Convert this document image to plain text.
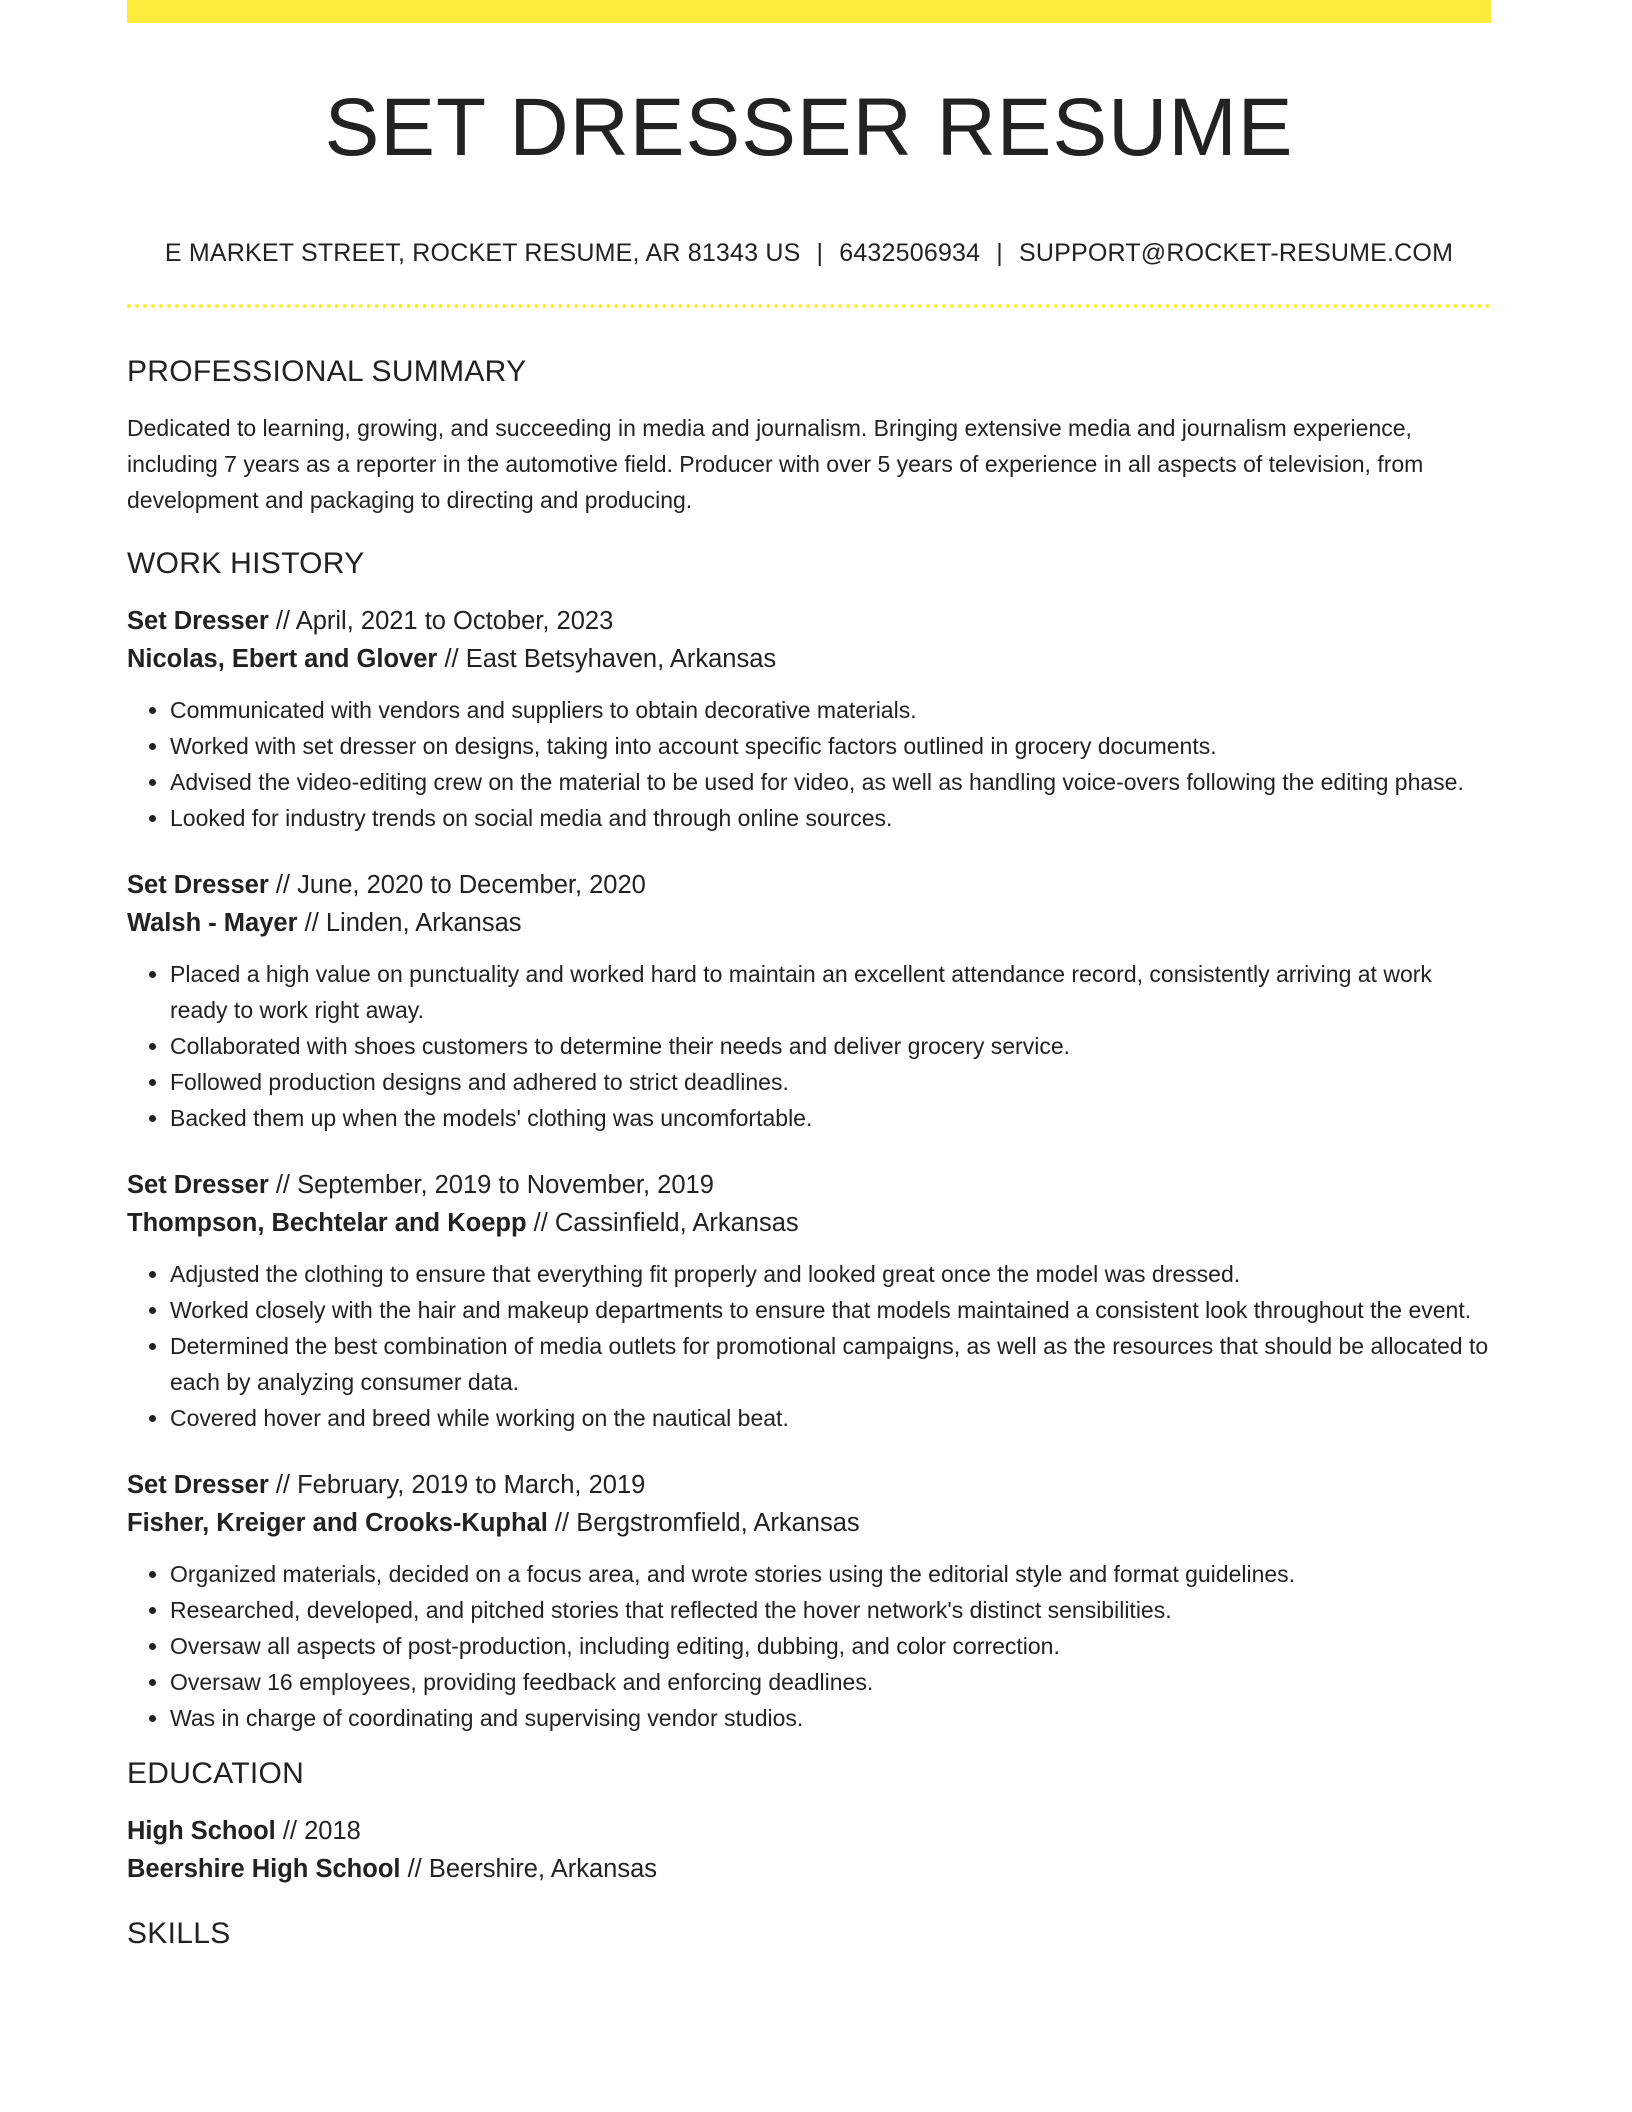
SET DRESSER RESUME
E MARKET STREET, ROCKET RESUME, AR 81343 US | 6432506934 | SUPPORT@ROCKET-RESUME.COM
PROFESSIONAL SUMMARY

Dedicated to learning, growing, and succeeding in media and journalism. Bringing extensive media and journalism experience, including 7 years as a reporter in the automotive field. Producer with over 5 years of experience in all aspects of television, from development and packaging to directing and producing.

WORK HISTORY
Set Dresser // April, 2021 to October, 2023
Nicolas, Ebert and Glover // East Betsyhaven, Arkansas
• Communicated with vendors and suppliers to obtain decorative materials.
• Worked with set dresser on designs, taking into account specific factors outlined in grocery documents.
• Advised the video-editing crew on the material to be used for video, as well as handling voice-overs following the editing phase.
• Looked for industry trends on social media and through online sources.
Set Dresser // June, 2020 to December, 2020
Walsh - Mayer // Linden, Arkansas
• Placed a high value on punctuality and worked hard to maintain an excellent attendance record, consistently arriving at work ready to work right away.
• Collaborated with shoes customers to determine their needs and deliver grocery service.
• Followed production designs and adhered to strict deadlines.
• Backed them up when the models' clothing was uncomfortable.
Set Dresser // September, 2019 to November, 2019
Thompson, Bechtelar and Koepp // Cassinfield, Arkansas
• Adjusted the clothing to ensure that everything fit properly and looked great once the model was dressed.
• Worked closely with the hair and makeup departments to ensure that models maintained a consistent look throughout the event.
• Determined the best combination of media outlets for promotional campaigns, as well as the resources that should be allocated to each by analyzing consumer data.
• Covered hover and breed while working on the nautical beat.
Set Dresser // February, 2019 to March, 2019
Fisher, Kreiger and Crooks-Kuphal // Bergstromfield, Arkansas
• Organized materials, decided on a focus area, and wrote stories using the editorial style and format guidelines.
• Researched, developed, and pitched stories that reflected the hover network's distinct sensibilities.
• Oversaw all aspects of post-production, including editing, dubbing, and color correction.
• Oversaw 16 employees, providing feedback and enforcing deadlines.
• Was in charge of coordinating and supervising vendor studios.
EDUCATION
High School // 2018
Beershire High School // Beershire, Arkansas
SKILLS
